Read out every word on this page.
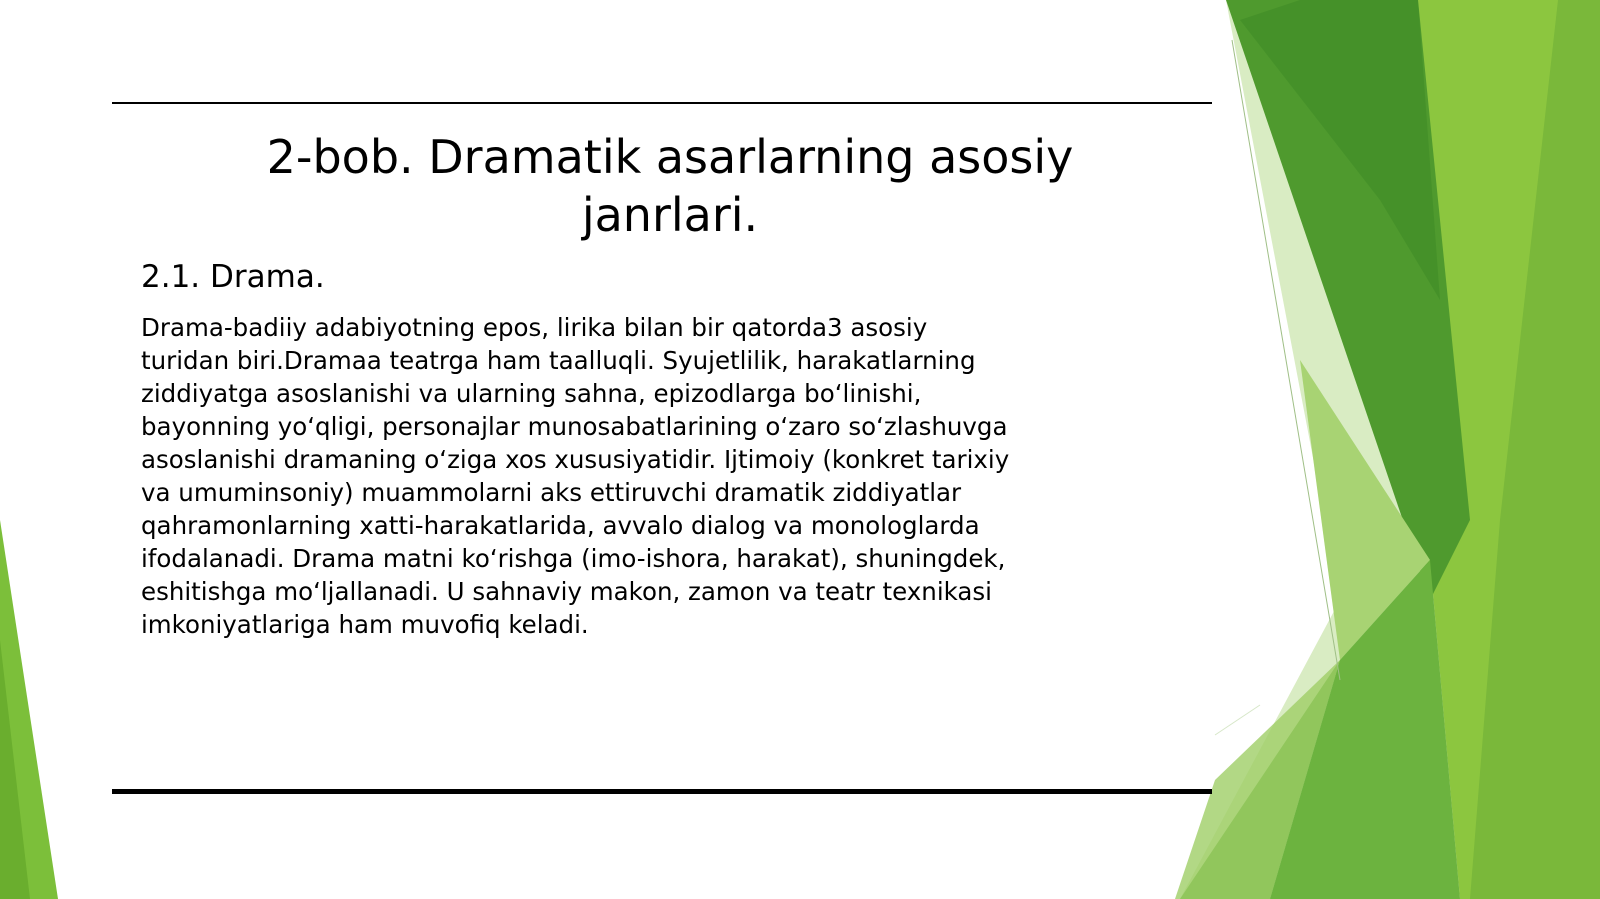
2-bob. Dramatik asarlarning asosiy
janrlari.
2.1. Drama.
Drama-badiiy adabiyotning epos, lirika bilan bir qatorda3 asosiy
turidan biri.Dramaa teatrga ham taalluqli. Syujetlilik, harakatlarning
ziddiyatga asoslanishi va ularning sahna, epizodlarga boʻlinishi,
bayonning yoʻqligi, personajlar munosabatlarining oʻzaro soʻzlashuvga
asoslanishi dramaning oʻziga xos xususiyatidir. Ijtimoiy (konkret tarixiy
va umuminsoniy) muammolarni aks ettiruvchi dramatik ziddiyatlar
qahramonlarning xatti-harakatlarida, avvalo dialog va monologlarda
ifodalanadi. Drama matni koʻrishga (imo-ishora, harakat), shuningdek,
eshitishga moʻljallanadi. U sahnaviy makon, zamon va teatr texnikasi
imkoniyatlariga ham muvofiq keladi.
